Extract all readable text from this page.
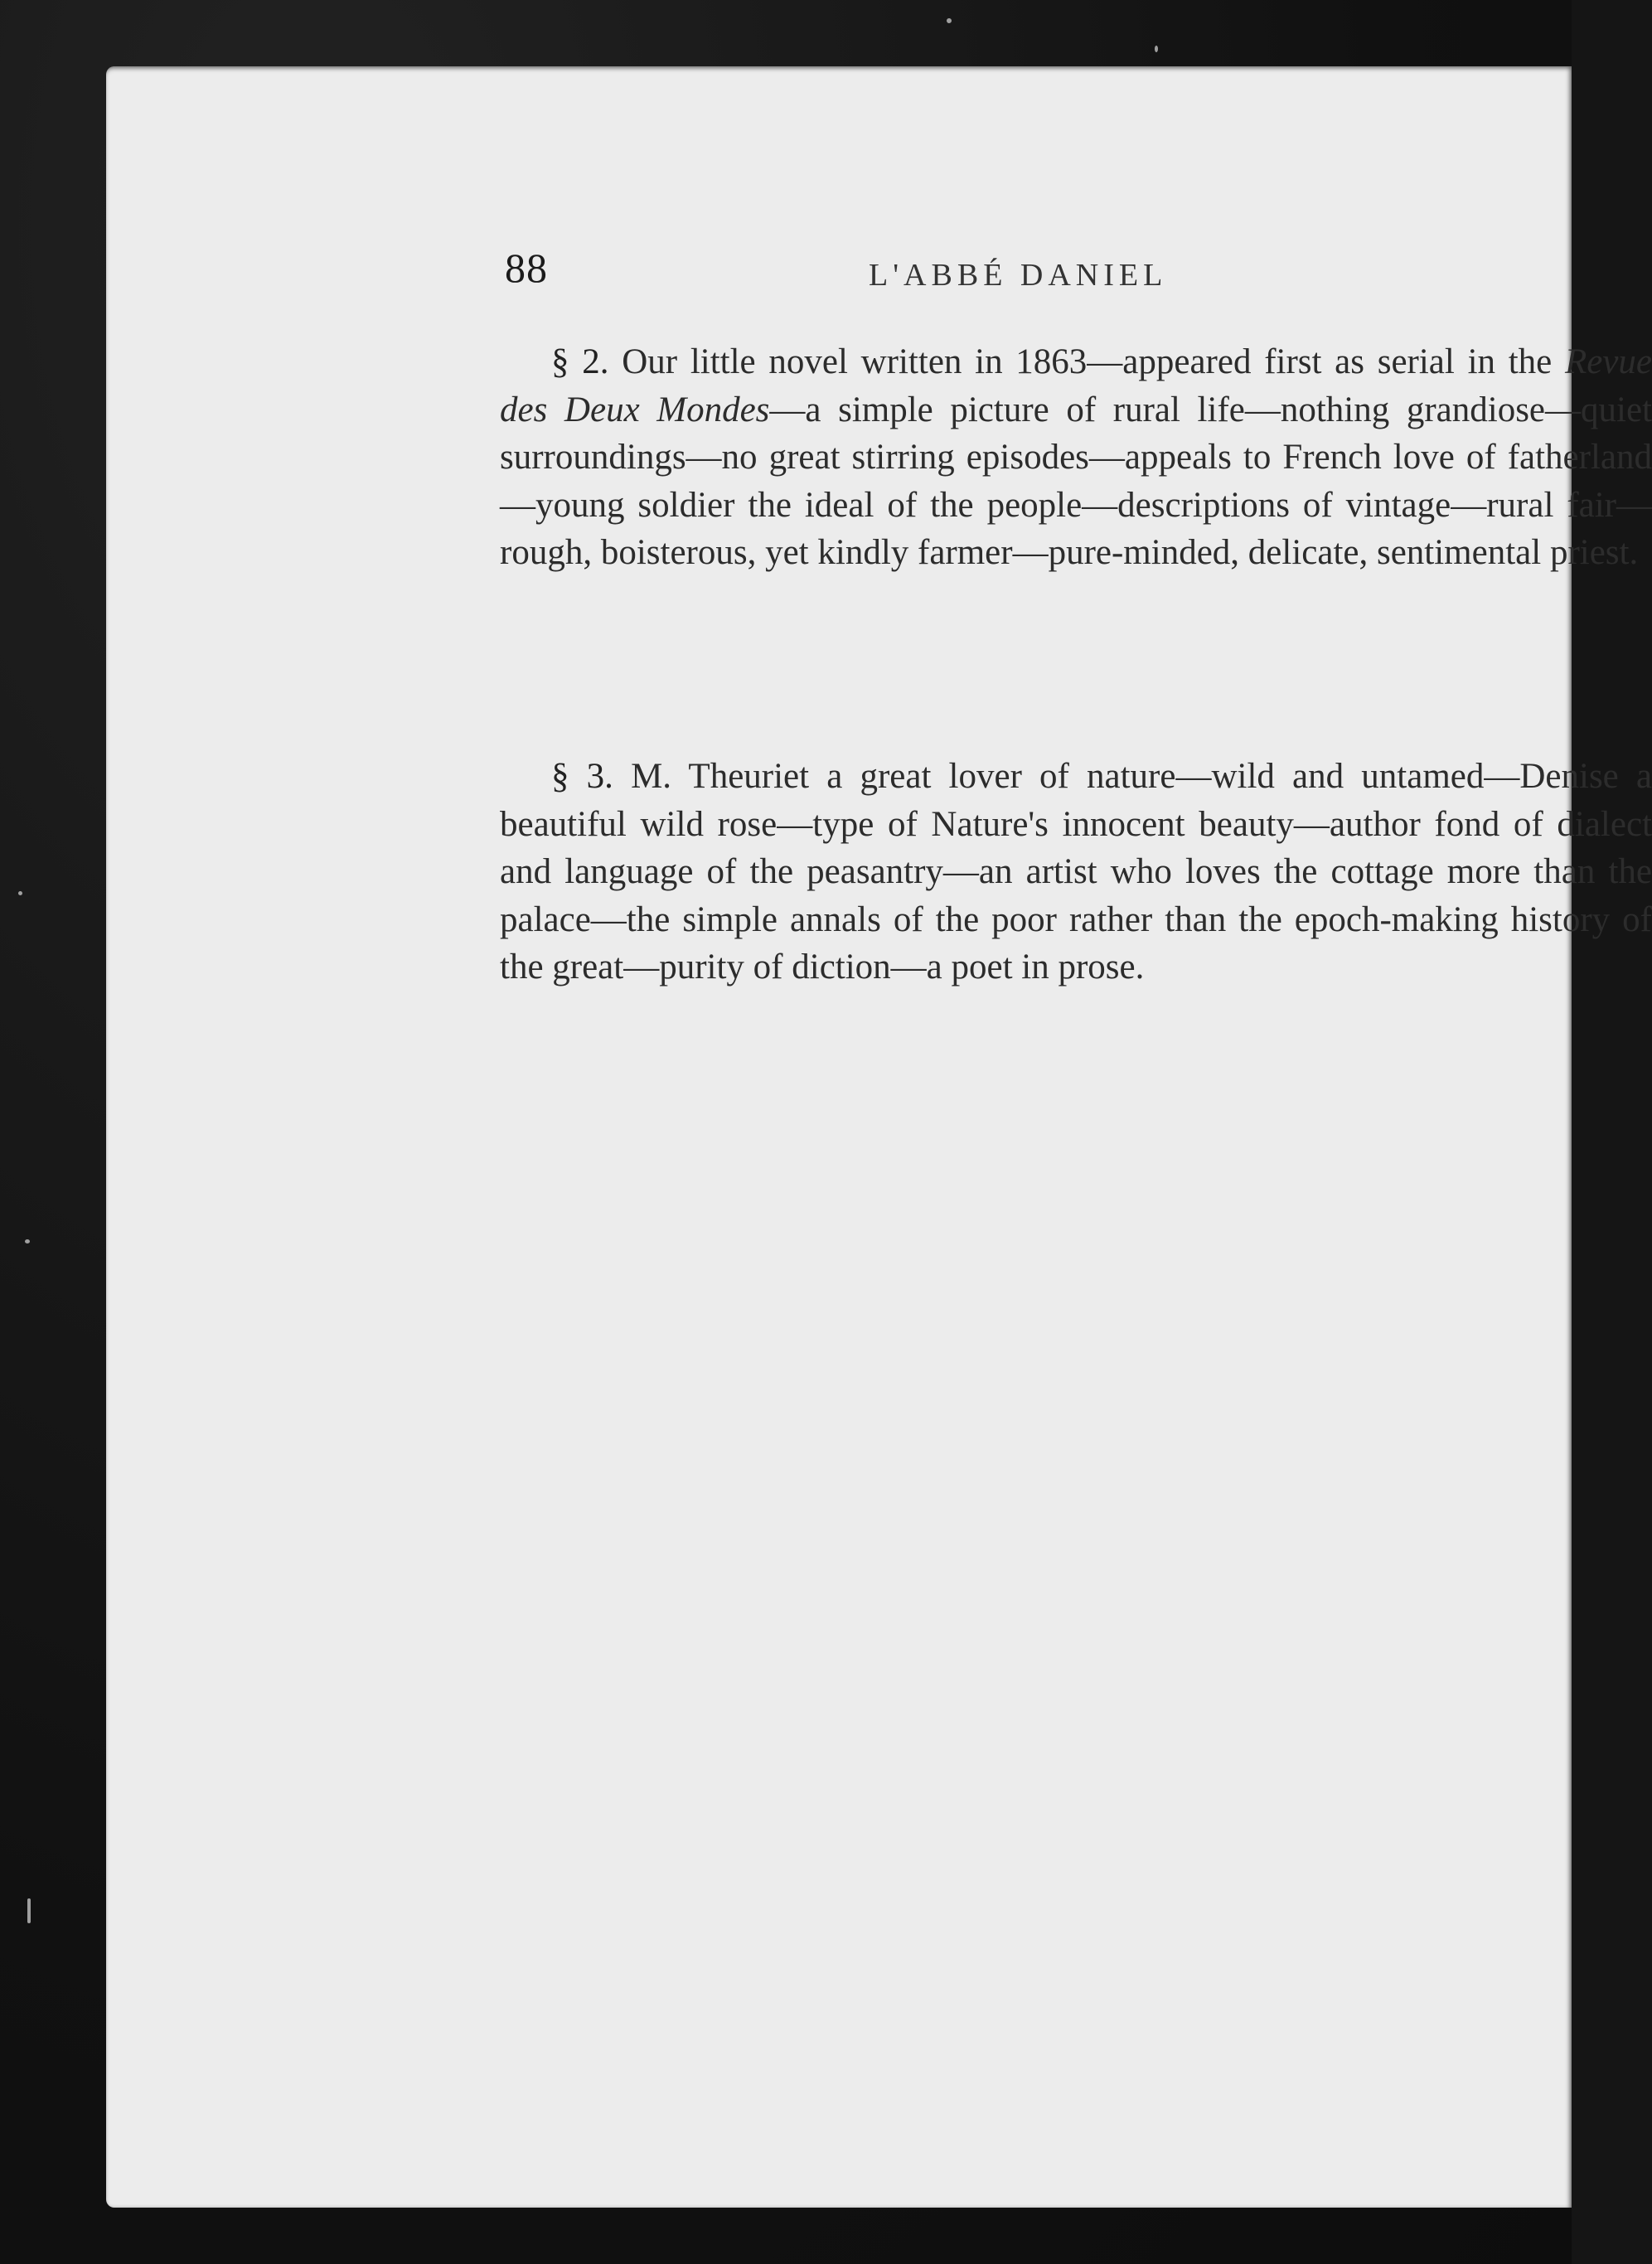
88	L'ABBÉ DANIEL
§ 2. Our little novel written in 1863—appeared first as serial in the Revue des Deux Mondes—a simple picture of rural life—nothing grandiose—quiet surroundings—no great stirring episodes—appeals to French love of fatherland—young soldier the ideal of the people—descriptions of vintage—rural fair—rough, boisterous, yet kindly farmer—pure-minded, delicate, sentimental priest.
§ 3. M. Theuriet a great lover of nature—wild and untamed—Denise a beautiful wild rose—type of Nature's innocent beauty—author fond of dialect and language of the peasantry—an artist who loves the cottage more than the palace—the simple annals of the poor rather than the epoch-making history of the great—purity of diction—a poet in prose.
